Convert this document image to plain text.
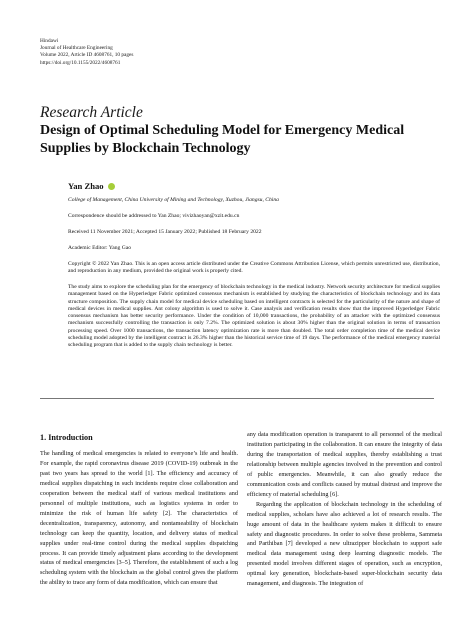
Hindawi
Journal of Healthcare Engineering
Volume 2022, Article ID 4608761, 10 pages
https://doi.org/10.1155/2022/4608761
Research Article
Design of Optimal Scheduling Model for Emergency Medical Supplies by Blockchain Technology
Yan Zhao
College of Management, China University of Mining and Technology, Xuzhou, Jiangsu, China
Correspondence should be addressed to Yan Zhao; vivizhaoyan@xzit.edu.cn
Received 11 November 2021; Accepted 15 January 2022; Published 18 February 2022
Academic Editor: Yang Gao
Copyright © 2022 Yan Zhao. This is an open access article distributed under the Creative Commons Attribution License, which permits unrestricted use, distribution, and reproduction in any medium, provided the original work is properly cited.
The study aims to explore the scheduling plan for the emergency of blockchain technology in the medical industry. Network security architecture for medical supplies management based on the Hyperledger Fabric optimized consensus mechanism is established by studying the characteristics of blockchain technology and its data structure composition. The supply chain model for medical device scheduling based on intelligent contracts is selected for the particularity of the nature and shape of medical devices in medical supplies. Ant colony algorithm is used to solve it. Case analysis and verification results show that the improved Hyperledger Fabric consensus mechanism has better security performance. Under the condition of 10,000 transactions, the probability of an attacker with the optimized consensus mechanism successfully controlling the transaction is only 7.2%. The optimized solution is about 30% higher than the original solution in terms of transaction processing speed. Over 1000 transactions, the transaction latency optimization rate is more than doubled. The total order completion time of the medical device scheduling model adopted by the intelligent contract is 26.3% higher than the historical service time of 19 days. The performance of the medical emergency material scheduling program that is added to the supply chain technology is better.
1. Introduction

The handling of medical emergencies is related to everyone’s life and health. For example, the rapid coronavirus disease 2019 (COVID-19) outbreak in the past two years has spread to the world [1]. The efficiency and accuracy of medical supplies dispatching in such incidents require close collaboration and cooperation between the medical staff of various medical institutions and personnel of multiple institutions, such as logistics systems in order to minimize the risk of human life safety [2]. The characteristics of decentralization, transparency, autonomy, and nontameability of blockchain technology can keep the quantity, location, and delivery status of medical supplies under real-time control during the medical supplies dispatching process. It can provide timely adjustment plans according to the development status of medical emergencies [3–5]. Therefore, the establishment of such a log scheduling system with the blockchain as the global control gives the platform the ability to trace any form of data modification, which can ensure that

any data modification operation is transparent to all personnel of the medical institution participating in the collaboration. It can ensure the integrity of data during the transportation of medical supplies, thereby establishing a trust relationship between multiple agencies involved in the prevention and control of public emergencies. Meanwhile, it can also greatly reduce the communication costs and conflicts caused by mutual distrust and improve the efficiency of material scheduling [6].

Regarding the application of blockchain technology in the scheduling of medical supplies, scholars have also achieved a lot of research results. The huge amount of data in the healthcare system makes it difficult to ensure safety and diagnostic procedures. In order to solve these problems, Sammeta and Parthiban [7] developed a new ultrazipper blockchain to support safe medical data management using deep learning diagnostic models. The presented model involves different stages of operation, such as encryption, optimal key generation, blockchain-based super-blockchain security data management, and diagnosis. The integration of
